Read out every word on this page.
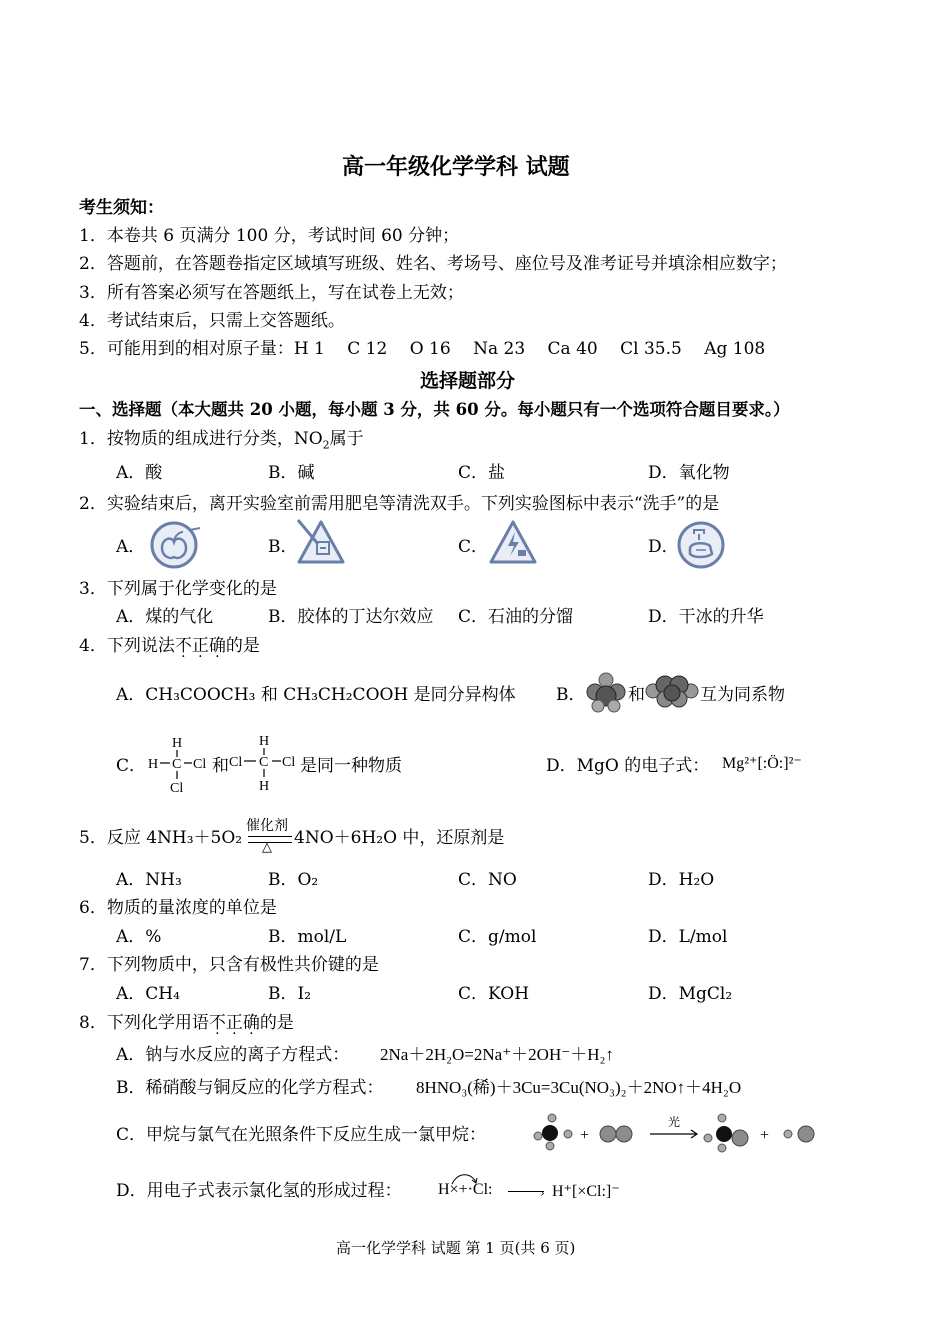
高一年级化学学科 试题
考生须知：
1．本卷共 6 页满分 100 分，考试时间 60 分钟；
2．答题前，在答题卷指定区域填写班级、姓名、考场号、座位号及准考证号并填涂相应数字；
3．所有答案必须写在答题纸上，写在试卷上无效；
4．考试结束后，只需上交答题纸。
5．可能用到的相对原子量：H 1　 C 12　 O 16　 Na 23　 Ca 40　 Cl 35.5　 Ag 108
选择题部分
一、选择题（本大题共 20 小题，每小题 3 分，共 60 分。每小题只有一个选项符合题目要求。）
1．按物质的组成进行分类，$NO_2$属于
A．酸	B．碱	C．盐	D．氧化物
2．实验结束后，离开实验室前需用肥皂等清洗双手。下列实验图标中表示“洗手”的是
A．	B．	C．	D．
3．下列属于化学变化的是
A．煤的气化	B．胶体的丁达尔效应 C．石油的分馏	D．干冰的升华
4．下列说法不正确的是
A．CH₃COOCH₃ 和 CH₃CH₂COOH 是同分异构体 B．	和	互为同系物
C．
H
H C Cl
Cl
和
H
Cl C Cl
H
是同一种物质	D．MgO 的电子式： Mg²⁺[:Ö:]²⁻
5．反应 4NH₃＋5O₂
催化剂
△ 4NO＋6H₂O 中，还原剂是
A．NH₃	B．O₂	C．NO	D．H₂O
6．物质的量浓度的单位是
A．%	B．mol/L	C．g/mol	D．L/mol
7．下列物质中，只含有极性共价键的是
A．CH₄	B．I₂	C．KOH	D．MgCl₂
8．下列化学用语不正确的是
A．钠与水反应的离子方程式： 2Na＋2H₂O=2Na⁺＋2OH⁻＋H₂↑
B．稀硝酸与铜反应的化学方程式： 8HNO₃(稀)＋3Cu=3Cu(NO₃)₂＋2NO↑＋4H₂O
C．甲烷与氯气在光照条件下反应生成一氯甲烷：	+
光
+
D．用电子式表示氯化氢的形成过程： H×+·Cl:	› H⁺[×Cl:]⁻
高一化学学科 试题 第 1 页(共 6 页)
